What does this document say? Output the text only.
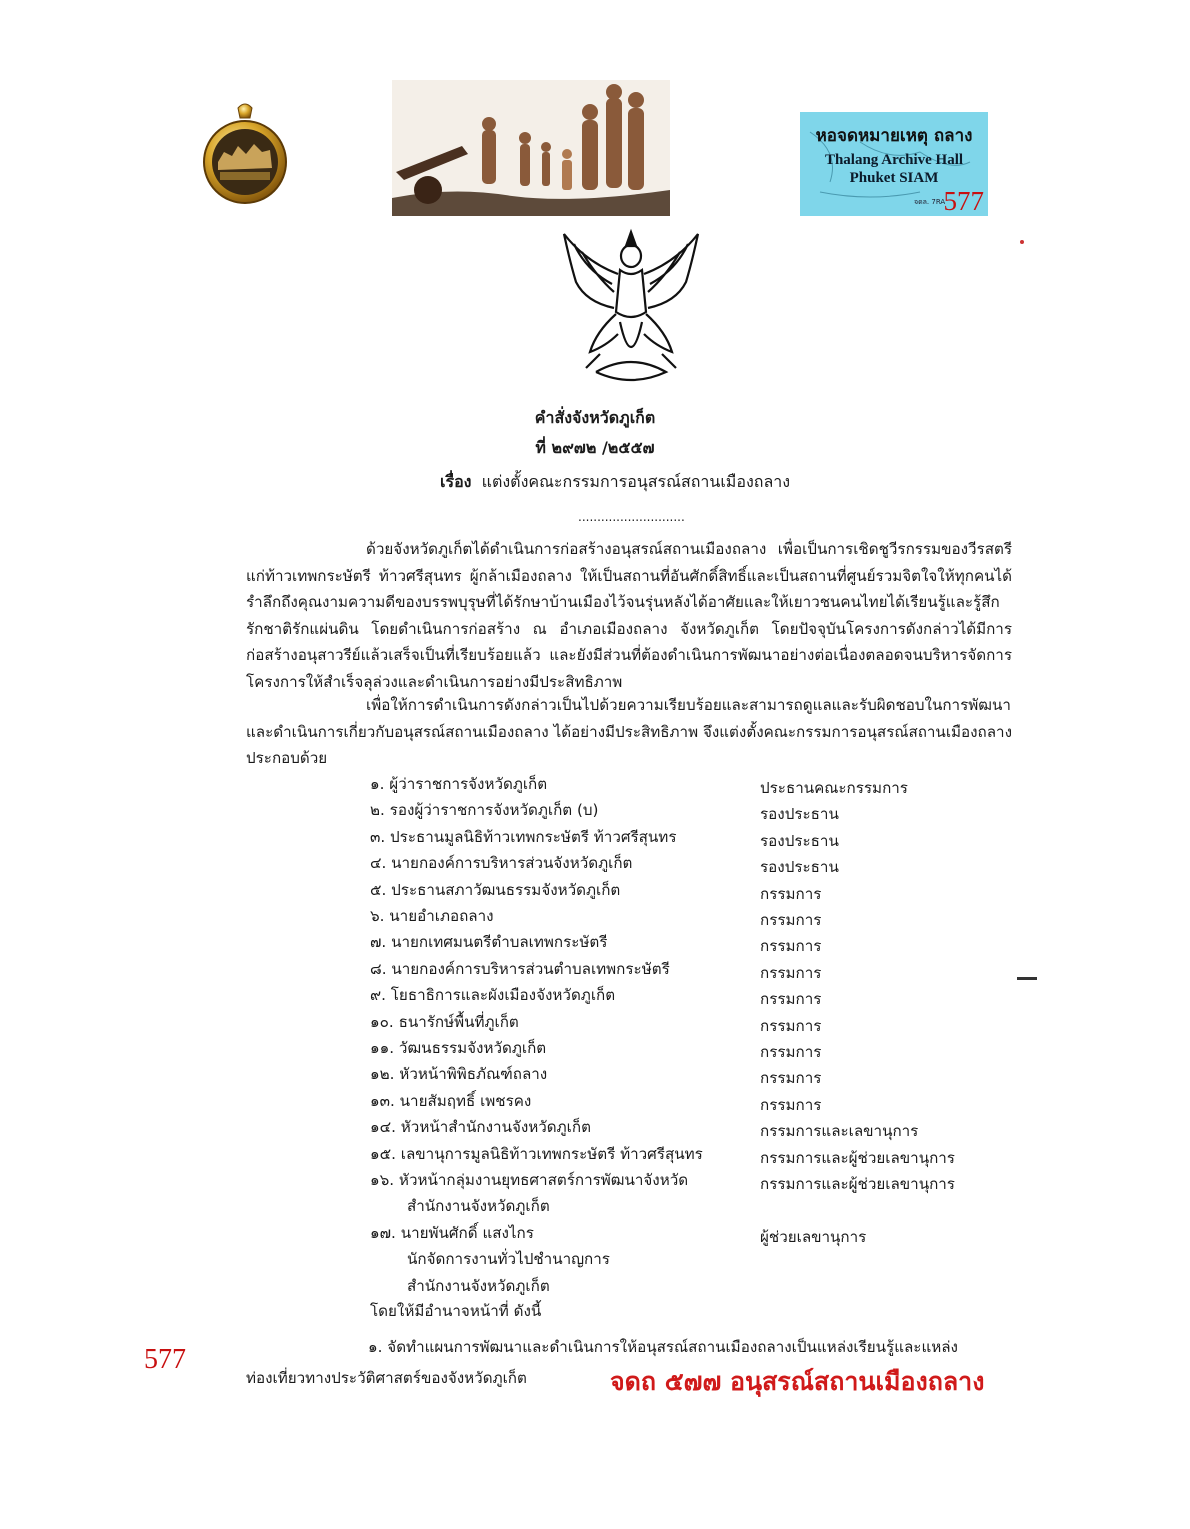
หอจดหมายเหตุ ถลาง
Thalang Archive Hall
Phuket SIAM
จดล. 7RA
577
คำสั่งจังหวัดภูเก็ต
ที่ ๒๙๗๒ /๒๕๕๗
เรื่อง แต่งตั้งคณะกรรมการอนุสรณ์สถานเมืองถลาง
............................
ด้วยจังหวัดภูเก็ตได้ดำเนินการก่อสร้างอนุสรณ์สถานเมืองถลาง เพื่อเป็นการเชิดชูวีรกรรมของวีรสตรีแก่ท้าวเทพกระษัตรี ท้าวศรีสุนทร ผู้กล้าเมืองถลาง ให้เป็นสถานที่อันศักดิ์สิทธิ์และเป็นสถานที่ศูนย์รวมจิตใจให้ทุกคนได้รำลึกถึงคุณงามความดีของบรรพบุรุษที่ได้รักษาบ้านเมืองไว้จนรุ่นหลังได้อาศัยและให้เยาวชนคนไทยได้เรียนรู้และรู้สึกรักชาติรักแผ่นดิน โดยดำเนินการก่อสร้าง ณ อำเภอเมืองถลาง จังหวัดภูเก็ต โดยปัจจุบันโครงการดังกล่าวได้มีการก่อสร้างอนุสาวรีย์แล้วเสร็จเป็นที่เรียบร้อยแล้ว และยังมีส่วนที่ต้องดำเนินการพัฒนาอย่างต่อเนื่องตลอดจนบริหารจัดการโครงการให้สำเร็จลุล่วงและดำเนินการอย่างมีประสิทธิภาพ
เพื่อให้การดำเนินการดังกล่าวเป็นไปด้วยความเรียบร้อยและสามารถดูแลและรับผิดชอบในการพัฒนาและดำเนินการเกี่ยวกับอนุสรณ์สถานเมืองถลาง ได้อย่างมีประสิทธิภาพ จึงแต่งตั้งคณะกรรมการอนุสรณ์สถานเมืองถลาง ประกอบด้วย
๑. ผู้ว่าราชการจังหวัดภูเก็ต	ประธานคณะกรรมการ
๒. รองผู้ว่าราชการจังหวัดภูเก็ต (บ)	รองประธาน
๓. ประธานมูลนิธิท้าวเทพกระษัตรี ท้าวศรีสุนทร	รองประธาน
๔. นายกองค์การบริหารส่วนจังหวัดภูเก็ต	รองประธาน
๕. ประธานสภาวัฒนธรรมจังหวัดภูเก็ต	กรรมการ
๖. นายอำเภอถลาง	กรรมการ
๗. นายกเทศมนตรีตำบลเทพกระษัตรี	กรรมการ
๘. นายกองค์การบริหารส่วนตำบลเทพกระษัตรี	กรรมการ
๙. โยธาธิการและผังเมืองจังหวัดภูเก็ต	กรรมการ
๑๐. ธนารักษ์พื้นที่ภูเก็ต	กรรมการ
๑๑. วัฒนธรรมจังหวัดภูเก็ต	กรรมการ
๑๒. หัวหน้าพิพิธภัณฑ์ถลาง	กรรมการ
๑๓. นายสัมฤทธิ์ เพชรคง	กรรมการ
๑๔. หัวหน้าสำนักงานจังหวัดภูเก็ต	กรรมการและเลขานุการ
๑๕. เลขานุการมูลนิธิท้าวเทพกระษัตรี ท้าวศรีสุนทร	กรรมการและผู้ช่วยเลขานุการ
๑๖. หัวหน้ากลุ่มงานยุทธศาสตร์การพัฒนาจังหวัด	กรรมการและผู้ช่วยเลขานุการ
สำนักงานจังหวัดภูเก็ต
๑๗. นายพันศักดิ์ แสงไกร	ผู้ช่วยเลขานุการ
นักจัดการงานทั่วไปชำนาญการ
สำนักงานจังหวัดภูเก็ต
โดยให้มีอำนาจหน้าที่ ดังนี้
๑. จัดทำแผนการพัฒนาและดำเนินการให้อนุสรณ์สถานเมืองถลางเป็นแหล่งเรียนรู้และแหล่ง
ท่องเที่ยวทางประวัติศาสตร์ของจังหวัดภูเก็ต
577
จดถ ๕๗๗ อนุสรณ์สถานเมืองถลาง
